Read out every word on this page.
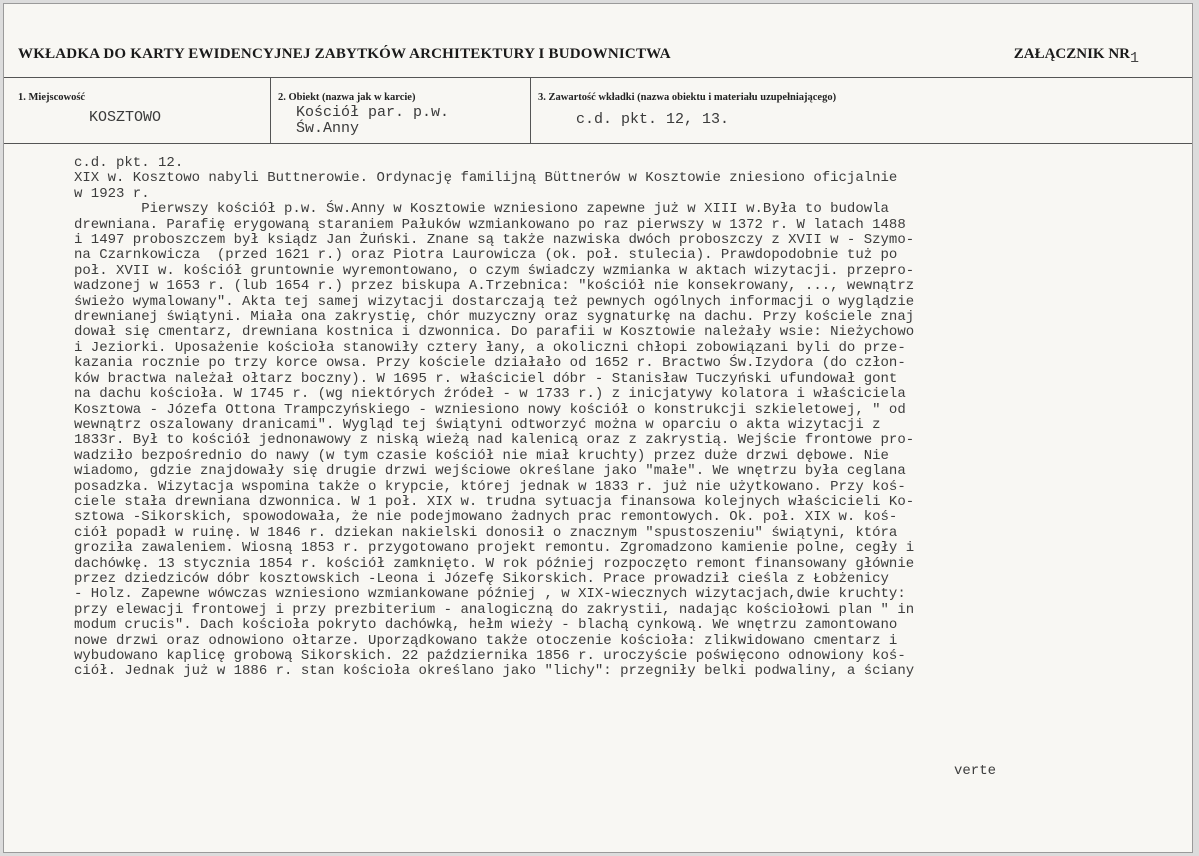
WKŁADKA DO KARTY EWIDENCYJNEJ ZABYTKÓW ARCHITEKTURY I BUDOWNICTWA	ZAŁĄCZNIK NR 1
1. Miejscowość
KOSZTOWO
2. Obiekt (nazwa jak w karcie)
Kościół par. p.w.
Św.Anny
3. Zawartość wkładki (nazwa obiektu i materiału uzupełniającego)
c.d. pkt. 12, 13.
c.d. pkt. 12.
XIX w. Kosztowo nabyli Buttnerowie. Ordynację familijną Büttnerów w Kosztowie zniesiono oficjalnie
w 1923 r.
Pierwszy kościół p.w. Św.Anny w Kosztowie wzniesiono zapewne już w XIII w.Była to budowla
drewniana. Parafię erygowaną staraniem Pałuków wzmiankowano po raz pierwszy w 1372 r. W latach 1488
i 1497 proboszczem był ksiądz Jan Żuński. Znane są także nazwiska dwóch proboszczy z XVII w - Szymo-
na Czarnkowicza  (przed 1621 r.) oraz Piotra Laurowicza (ok. poł. stulecia). Prawdopodobnie tuż po
poł. XVII w. kościół gruntownie wyremontowano, o czym świadczy wzmianka w aktach wizytacji. przepro-
wadzonej w 1653 r. (lub 1654 r.) przez biskupa A.Trzebnica: "kościół nie konsekrowany, ..., wewnątrz
świeżo wymalowany". Akta tej samej wizytacji dostarczają też pewnych ogólnych informacji o wyglądzie
drewnianej świątyni. Miała ona zakrystię, chór muzyczny oraz sygnaturkę na dachu. Przy kościele znaj
dował się cmentarz, drewniana kostnica i dzwonnica. Do parafii w Kosztowie należały wsie: Nieżychowo
i Jeziorki. Uposażenie kościoła stanowiły cztery łany, a okoliczni chłopi zobowiązani byli do prze-
kazania rocznie po trzy korce owsa. Przy kościele działało od 1652 r. Bractwo Św.Izydora (do człon-
ków bractwa należał ołtarz boczny). W 1695 r. właściciel dóbr - Stanisław Tuczyński ufundował gont
na dachu kościoła. W 1745 r. (wg niektórych źródeł - w 1733 r.) z inicjatywy kolatora i właściciela
Kosztowa - Józefa Ottona Trampczyńskiego - wzniesiono nowy kościół o konstrukcji szkieletowej, " od
wewnątrz oszalowany dranicami". Wygląd tej świątyni odtworzyć można w oparciu o akta wizytacji z
1833r. Był to kościół jednonawowy z niską wieżą nad kalenicą oraz z zakrystią. Wejście frontowe pro-
wadziło bezpośrednio do nawy (w tym czasie kościół nie miał kruchty) przez duże drzwi dębowe. Nie
wiadomo, gdzie znajdowały się drugie drzwi wejściowe określane jako "małe". We wnętrzu była ceglana
posadzka. Wizytacja wspomina także o krypcie, której jednak w 1833 r. już nie użytkowano. Przy koś-
ciele stała drewniana dzwonnica. W 1 poł. XIX w. trudna sytuacja finansowa kolejnych właścicieli Ko-
sztowa -Sikorskich, spowodowała, że nie podejmowano żadnych prac remontowych. Ok. poł. XIX w. koś-
ciół popadł w ruinę. W 1846 r. dziekan nakielski donosił o znacznym "spustoszeniu" świątyni, która
groziła zawaleniem. Wiosną 1853 r. przygotowano projekt remontu. Zgromadzono kamienie polne, cegły i
dachówkę. 13 stycznia 1854 r. kościół zamknięto. W rok później rozpoczęto remont finansowany głównie
przez dziedziców dóbr kosztowskich -Leona i Józefę Sikorskich. Prace prowadził cieśla z Łobżenicy
- Holz. Zapewne wówczas wzniesiono wzmiankowane później , w XIX-wiecznych wizytacjach,dwie kruchty:
przy elewacji frontowej i przy prezbiterium - analogiczną do zakrystii, nadając kościołowi plan " in
modum crucis". Dach kościoła pokryto dachówką, hełm wieży - blachą cynkową. We wnętrzu zamontowano
nowe drzwi oraz odnowiono ołtarze. Uporządkowano także otoczenie kościoła: zlikwidowano cmentarz i
wybudowano kaplicę grobową Sikorskich. 22 października 1856 r. uroczyście poświęcono odnowiony koś-
ciół. Jednak już w 1886 r. stan kościoła określano jako "lichy": przegniły belki podwaliny, a ściany
verte
